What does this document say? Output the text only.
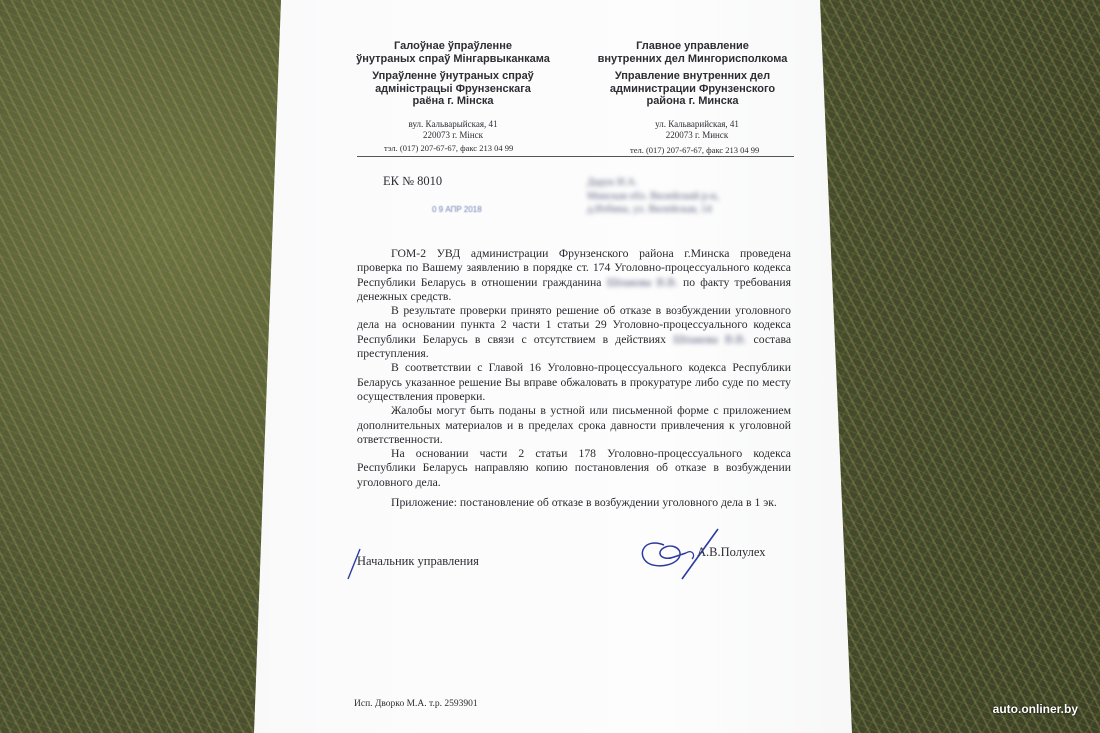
Галоўнае ўпраўленне
ўнутраных спраў Мінгарвыканкама
Упраўленне ўнутраных спраў
адміністрацыі Фрунзенскага
раёна г. Мінска
вул. Кальварыйская, 41
220073 г. Мінск
тэл. (017) 207-67-67, факс 213 04 99
Главное управление
внутренних дел Мингорисполкома
Управление внутренних дел
администрации Фрунзенского
района г. Минска
ул. Кальварийская, 41
220073 г. Минск
тел. (017) 207-67-67, факс 213 04 99
ЕК № 8010
0 9 АПР 2018
Дарук И.А.
Минская обл. Вилейский р-н,
д.Избина, ул. Вилейская, 14

ГОМ-2 УВД администрации Фрунзенского района г.Минска проведена проверка по Вашему заявлению в порядке ст. 174 Уголовно-процессуального кодекса Республики Беларусь в отношении гражданина Шпакова В.В. по факту требования денежных средств.

В результате проверки принято решение об отказе в возбуждении уголовного дела на основании пункта 2 части 1 статьи 29 Уголовно-процессуального кодекса Республики Беларусь в связи с отсутствием в действиях Шпакова В.В. состава преступления.

В соответствии с Главой 16 Уголовно-процессуального кодекса Республики Беларусь указанное решение Вы вправе обжаловать в прокуратуре либо суде по месту осуществления проверки.

Жалобы могут быть поданы в устной или письменной форме с приложением дополнительных материалов и в пределах срока давности привлечения к уголовной ответственности.

На основании части 2 статьи 178 Уголовно-процессуального кодекса Республики Беларусь направляю копию постановления об отказе в возбуждении уголовного дела.

Приложение: постановление об отказе в возбуждении уголовного дела в 1 эк.

Начальник управления
А.В.Полулех
Исп. Дворко М.А. т.р. 2593901	auto.onliner.by
